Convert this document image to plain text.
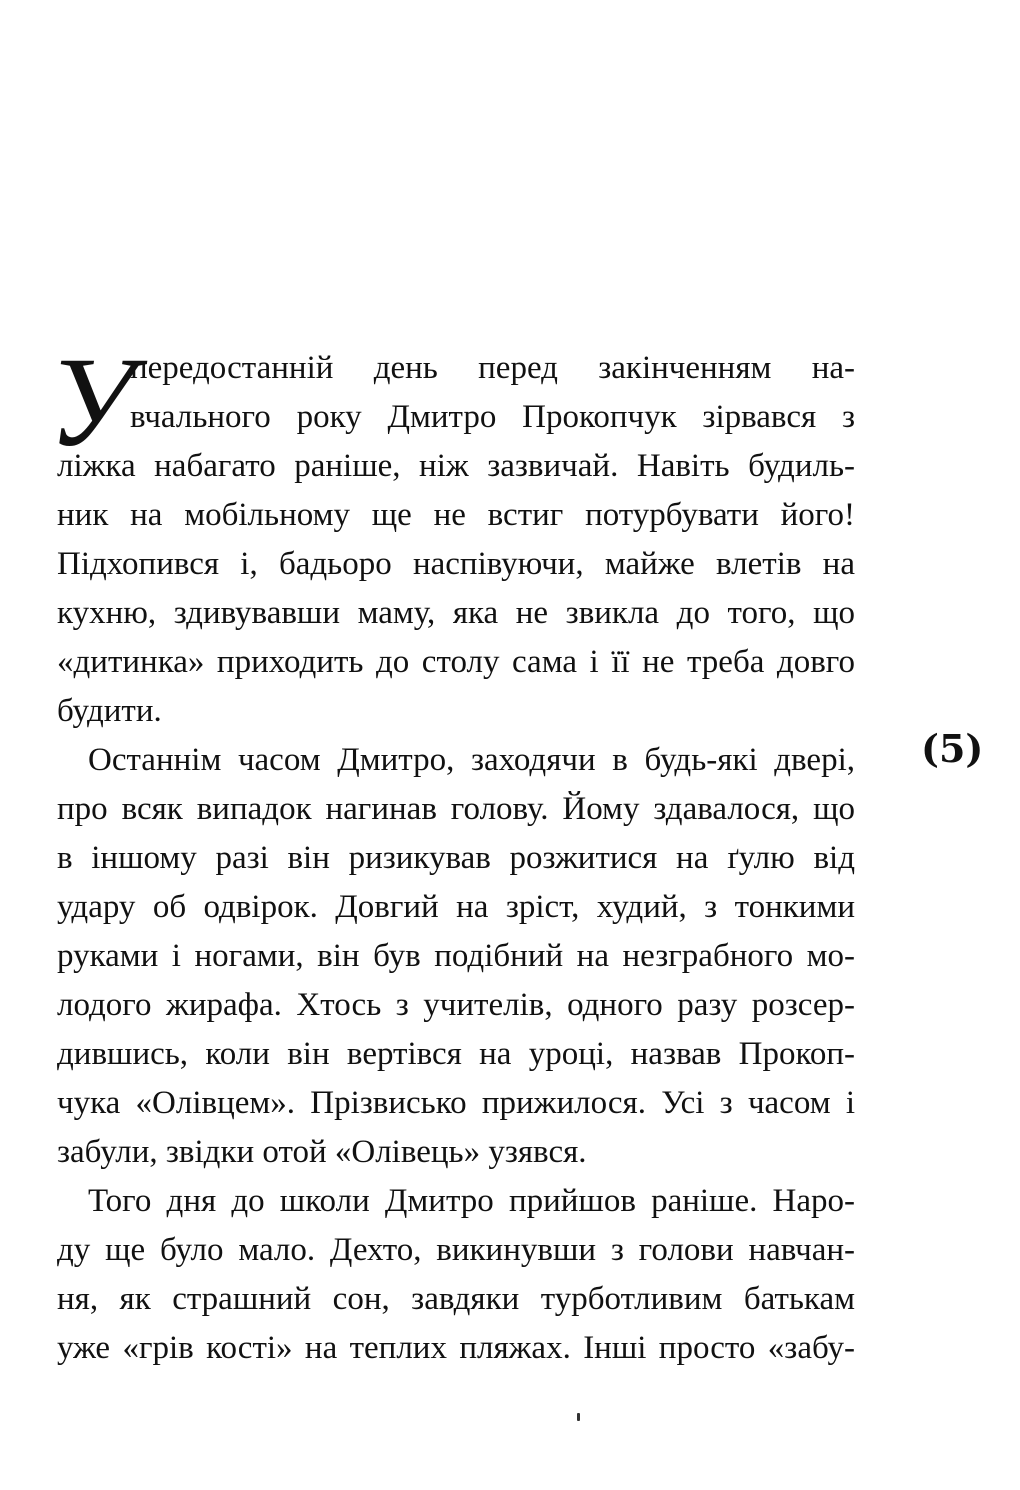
У
передостанній день перед закінченням на-
вчального року Дмитро Прокопчук зірвався з
ліжка набагато раніше, ніж зазвичай. Навіть будиль-
ник на мобільному ще не встиг потурбувати його!
Підхопився і, бадьоро наспівуючи, майже влетів на
кухню, здивувавши маму, яка не звикла до того, що
«дитинка» приходить до столу сама і її не треба довго
будити.
Останнім часом Дмитро, заходячи в будь-які двері,
про всяк випадок нагинав голову. Йому здавалося, що
в іншому разі він ризикував розжитися на ґулю від
удару об одвірок. Довгий на зріст, худий, з тонкими
руками і ногами, він був подібний на незграбного мо-
лодого жирафа. Хтось з учителів, одного разу розсер-
дившись, коли він вертівся на уроці, назвав Прокоп-
чука «Олівцем». Прізвисько прижилося. Усі з часом і
забули, звідки отой «Олівець» узявся.
Того дня до школи Дмитро прийшов раніше. Наро-
ду ще було мало. Дехто, викинувши з голови навчан-
ня, як страшний сон, завдяки турботливим батькам
уже «грів кості» на теплих пляжах. Інші просто «забу-
(5)
